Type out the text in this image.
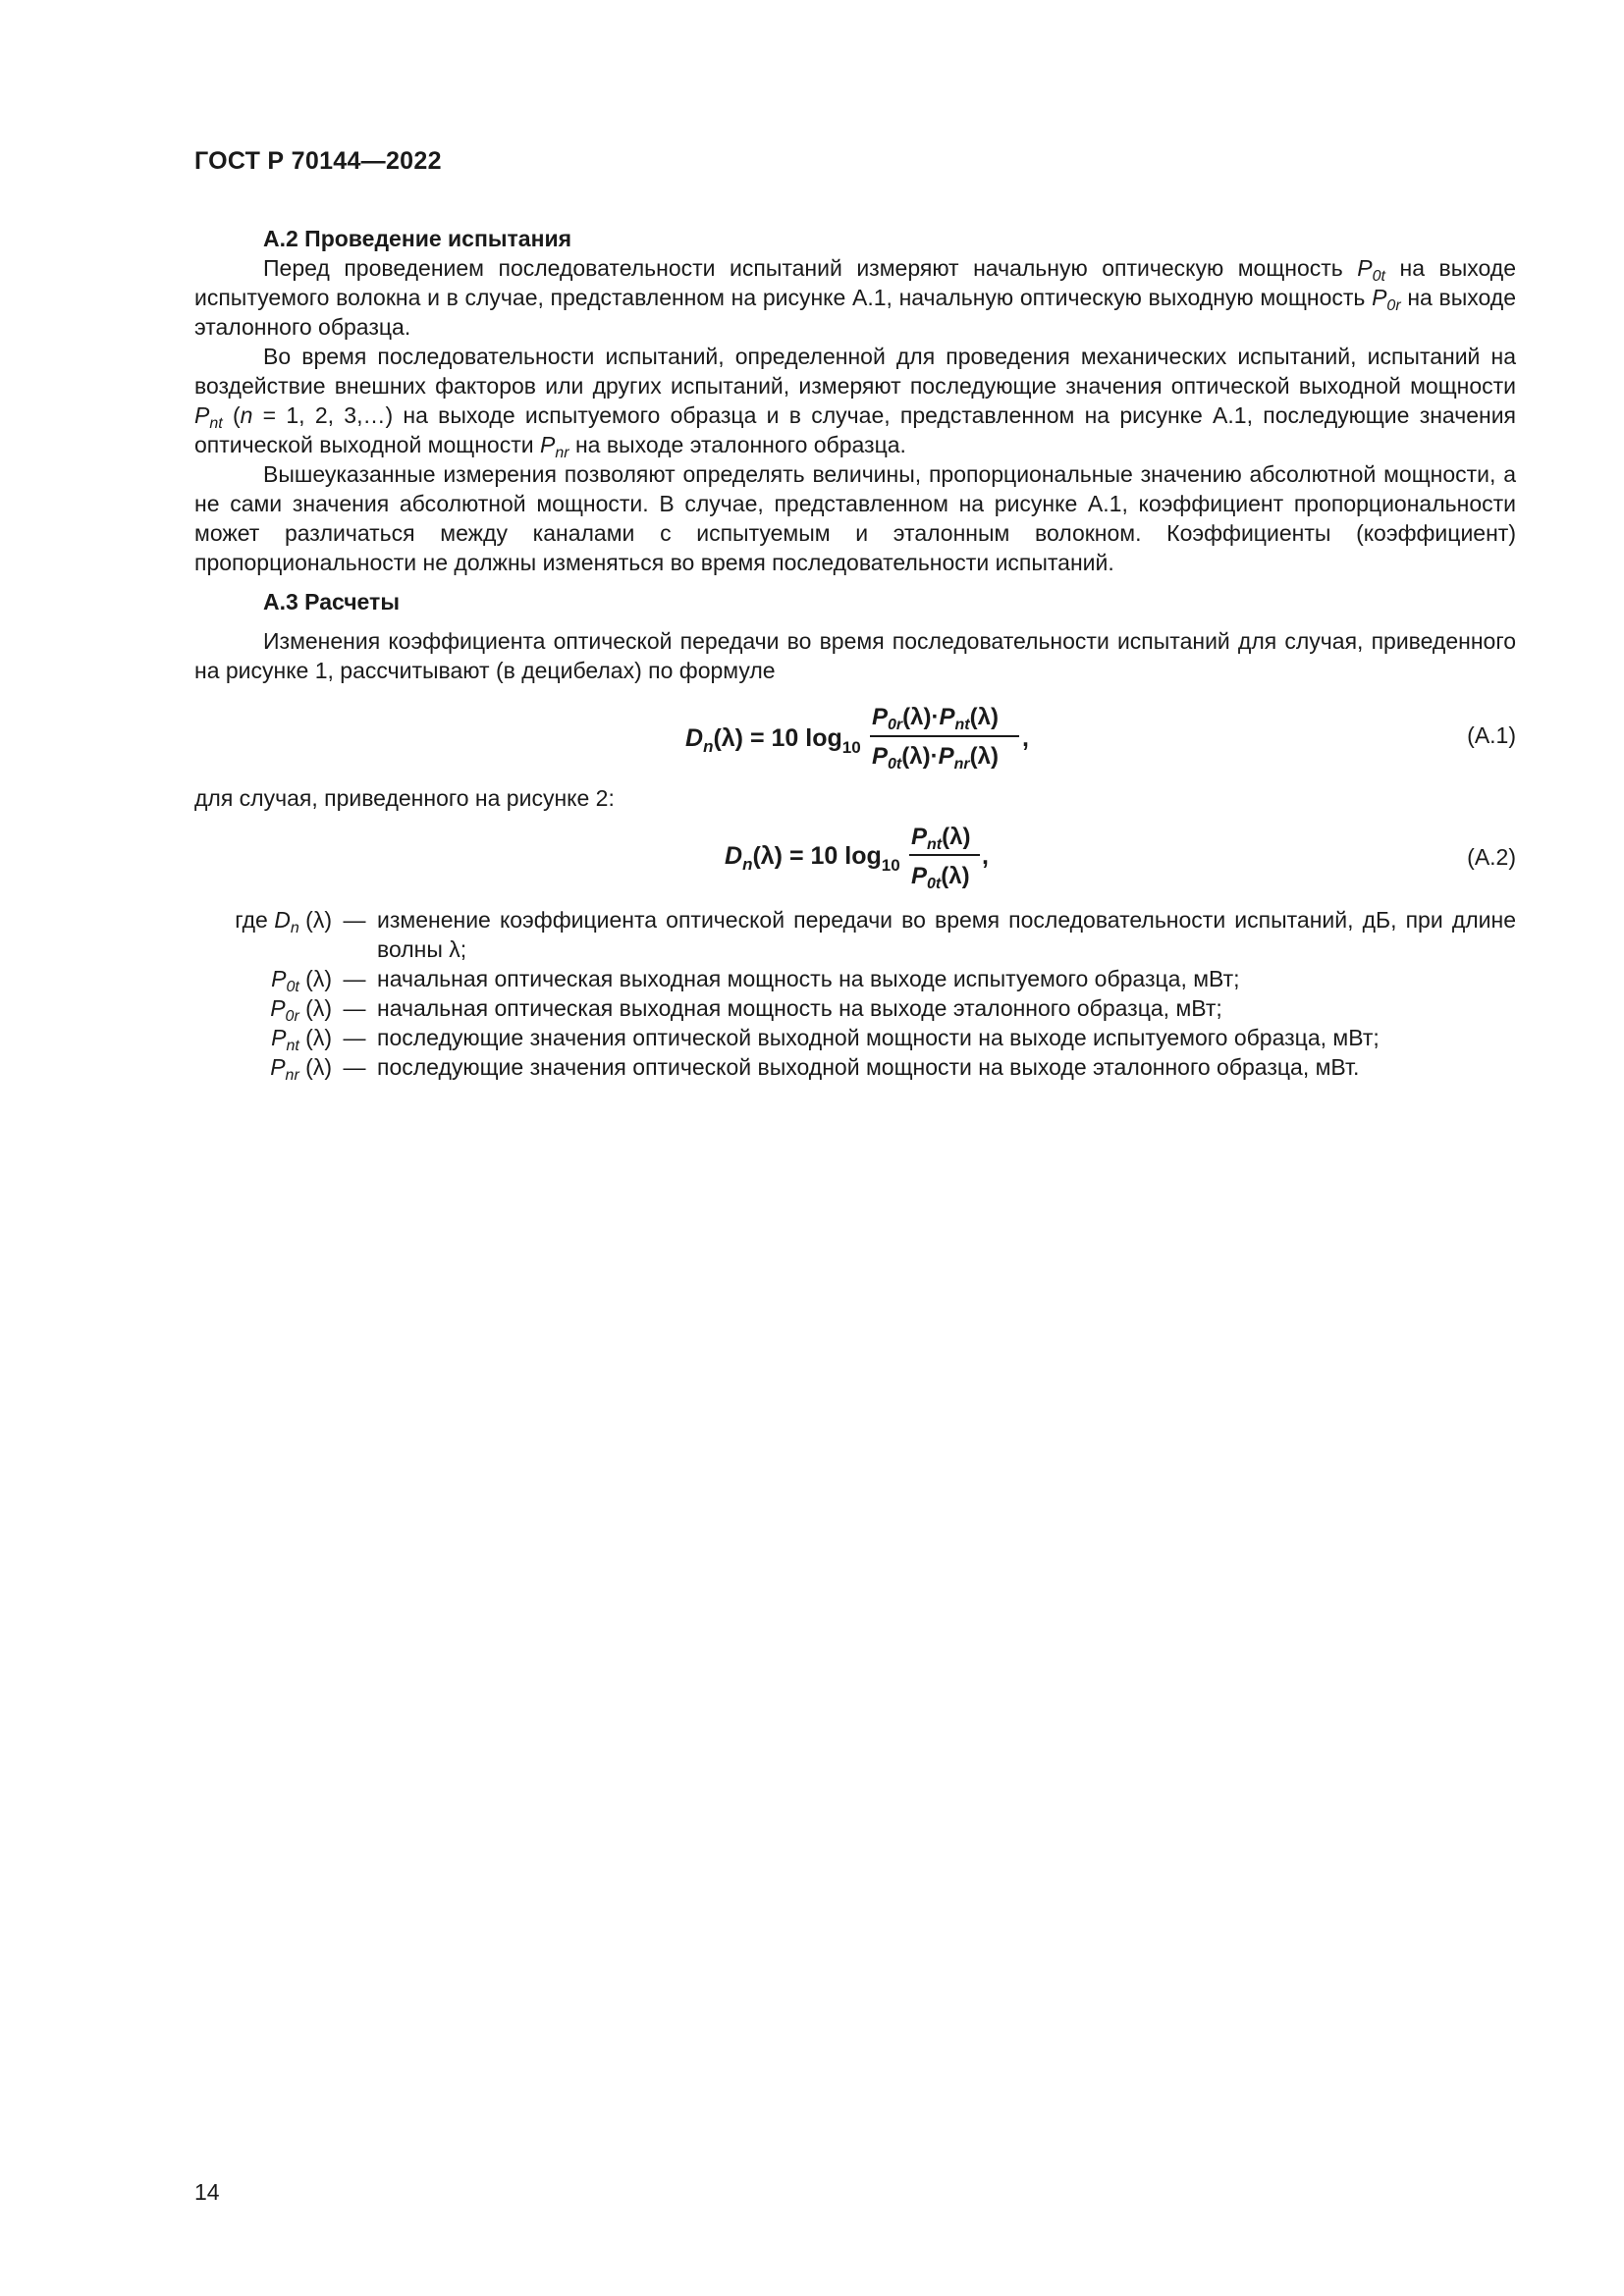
ГОСТ Р 70144—2022

А.2 Проведение испытания

Перед проведением последовательности испытаний измеряют начальную оптическую мощность $P_{0t}$ на выходе испытуемого волокна и в случае, представленном на рисунке А.1, начальную оптическую выходную мощность $P_{0r}$ на выходе эталонного образца.

Во время последовательности испытаний, определенной для проведения механических испытаний, испытаний на воздействие внешних факторов или других испытаний, измеряют последующие значения оптической выходной мощности $P_{nt}$ (n = 1, 2, 3,…) на выходе испытуемого образца и в случае, представленном на рисунке А.1, последующие значения оптической выходной мощности $P_{nr}$ на выходе эталонного образца.

Вышеуказанные измерения позволяют определять величины, пропорциональные значению абсолютной мощности, а не сами значения абсолютной мощности. В случае, представленном на рисунке А.1, коэффициент пропорциональности может различаться между каналами с испытуемым и эталонным волокном. Коэффициенты (коэффициент) пропорциональности не должны изменяться во время последовательности испытаний.

А.3 Расчеты

Изменения коэффициента оптической передачи во время последовательности испытаний для случая, приведенного на рисунке 1, рассчитывают (в децибелах) по формуле

$D_n(\lambda) = 10$ $\log_{10}$
$P_{0r}(\lambda)\cdot P_{nt}(\lambda)$
$P_{0t}(\lambda)\cdot P_{nr}(\lambda)$
,	(А.1)

для случая, приведенного на рисунке 2:

$D_n(\lambda) = 10$ $\log_{10}$
$P_{nt}(\lambda)$
$P_{0t}(\lambda)$
,	(А.2)
где $D_n$ (λ) — изменение коэффициента оптической передачи во время последовательности испытаний, дБ, при длине волны λ;
$P_{0t}$ (λ) — начальная оптическая выходная мощность на выходе испытуемого образца, мВт;
$P_{0r}$ (λ) — начальная оптическая выходная мощность на выходе эталонного образца, мВт;
$P_{nt}$ (λ) — последующие значения оптической выходной мощности на выходе испытуемого образца, мВт;
$P_{nr}$ (λ) — последующие значения оптической выходной мощности на выходе эталонного образца, мВт.
14
